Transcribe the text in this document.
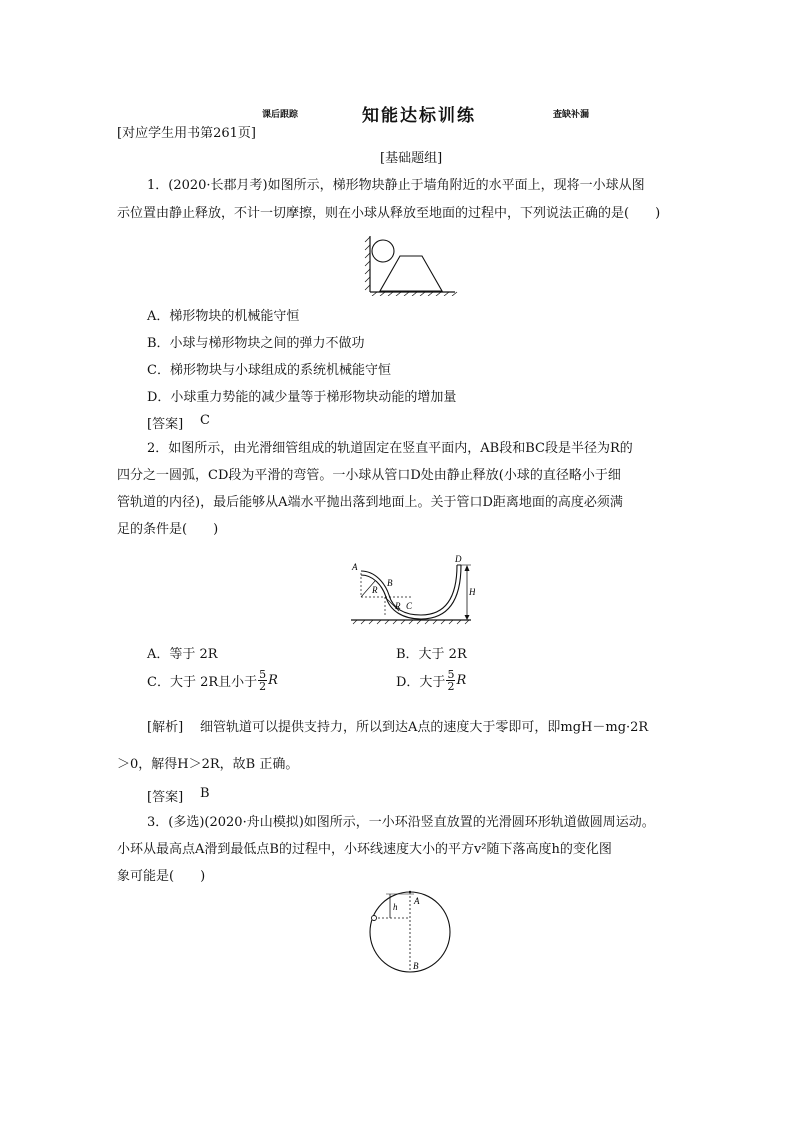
课后跟踪	知能达标训练	查缺补漏
[对应学生用书第261页]
[基础题组]
1．(2020·长郡月考)如图所示，梯形物块静止于墙角附近的水平面上，现将一小球从图
示位置由静止释放，不计一切摩擦，则在小球从释放至地面的过程中，下列说法正确的是(　　)
A．梯形物块的机械能守恒
B．小球与梯形物块之间的弹力不做功
C．梯形物块与小球组成的系统机械能守恒
D．小球重力势能的减少量等于梯形物块动能的增加量
[答案] C
2．如图所示，由光滑细管组成的轨道固定在竖直平面内，AB段和BC段是半径为R的
四分之一圆弧，CD段为平滑的弯管。一小球从管口D处由静止释放(小球的直径略小于细
管轨道的内径)，最后能够从A端水平抛出落到地面上。关于管口D距离地面的高度必须满
足的条件是(　　)
A
B
R
R C
D
H
A．等于 2R	B．大于 2R
C．大于 2R且小于 $\frac{5}{2}$ R	D．大于 $\frac{5}{2}$ R
[解析] 细管轨道可以提供支持力，所以到达A点的速度大于零即可，即mgH－mg·2R
＞0，解得H＞2R，故B 正确。
[答案] B
3．(多选)(2020·舟山模拟)如图所示，一小环沿竖直放置的光滑圆环形轨道做圆周运动。
小环从最高点A滑到最低点B的过程中，小环线速度大小的平方v²随下落高度h的变化图
象可能是(　　)
A
h
B
